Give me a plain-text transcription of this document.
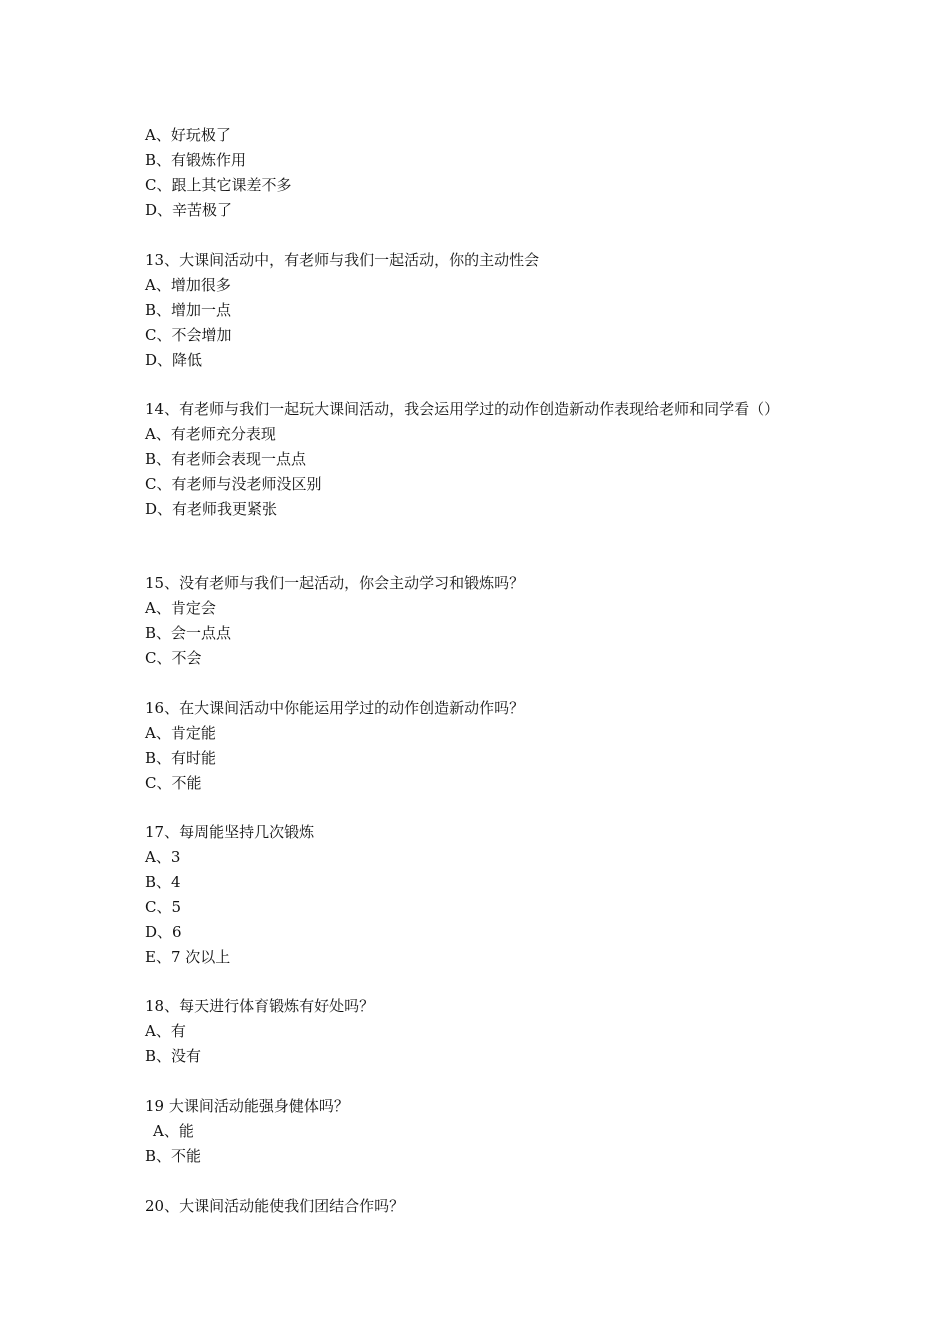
A、好玩极了
B、有锻炼作用
C、跟上其它课差不多
D、辛苦极了
13、大课间活动中，有老师与我们一起活动，你的主动性会
A、增加很多
B、增加一点
C、不会增加
D、降低
14、有老师与我们一起玩大课间活动，我会运用学过的动作创造新动作表现给老师和同学看（）
A、有老师充分表现
B、有老师会表现一点点
C、有老师与没老师没区别
D、有老师我更紧张
15、没有老师与我们一起活动，你会主动学习和锻炼吗？
A、肯定会
B、会一点点
C、不会
16、在大课间活动中你能运用学过的动作创造新动作吗？
A、肯定能
B、有时能
C、不能
17、每周能坚持几次锻炼
A、3
B、4
C、5
D、6
E、7 次以上
18、每天进行体育锻炼有好处吗？
A、有
B、没有
19 大课间活动能强身健体吗？
A、能
B、不能
20、大课间活动能使我们团结合作吗？
